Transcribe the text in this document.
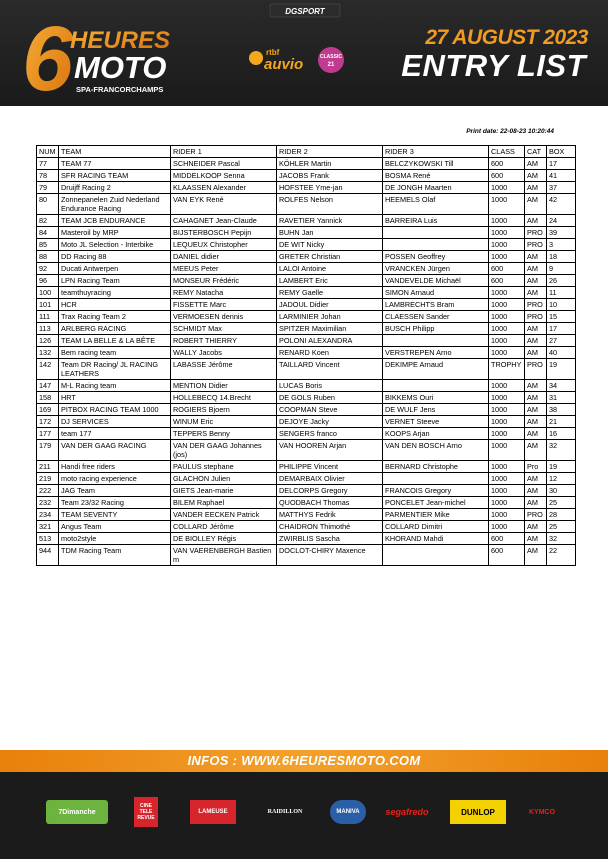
6
HEURES
MOTO
SPA-FRANCORCHAMPS
DGSPORT
rtbf
auvio	CLASSIC
21
27 AUGUST 2023
ENTRY LIST
Print date: 22-08-23 10:20:44
NUM	TEAM	RIDER 1	RIDER 2	RIDER 3	CLASS	CAT	BOX
77	TEAM 77	SCHNEIDER Pascal	KÖHLER Martin	BELCZYKOWSKI Till	600	AM	17
78	SFR RACING TEAM	MIDDELKOOP Senna	JACOBS Frank	BOSMA René	600	AM	41
79	Druijff Racing 2	KLAASSEN Alexander	HOFSTEE Yme-jan	DE JONGH Maarten	1000	AM	37
80	Zonnepanelen Zuid Nederland Endurance Racing	VAN EYK René	ROLFES Nelson	HEEMELS Olaf	1000	AM	42
82	TEAM JCB ENDURANCE	CAHAGNET Jean-Claude	RAVETIER Yannick	BARREIRA Luis	1000	AM	24
84	Masteroil by MRP	BIJSTERBOSCH Pepijn	BUHN Jan		1000	PRO	39
85	Moto JL Selection - Interbike	LEQUEUX Christopher	DE WIT Nicky		1000	PRO	3
88	DD Racing 88	DANIEL didier	GRETER Christian	POSSEN Geoffrey	1000	AM	18
92	Ducati Antwerpen	MEEUS Peter	LALOI Antoine	VRANCKEN Jürgen	600	AM	9
96	LPN Racing Team	MONSEUR Frédéric	LAMBERT Eric	VANDEVELDE Michaël	600	AM	26
100	teamthuyracing	REMY Natacha	REMY Gaelle	SIMON Arnaud	1000	AM	11
101	HCR	FISSETTE Marc	JADOUL Didier	LAMBRECHTS Bram	1000	PRO	10
111	Trax Racing Team 2	VERMOESEN dennis	LARMINIER Johan	CLAESSEN Sander	1000	PRO	15
113	ARLBERG RACING	SCHMIDT Max	SPITZER Maximilian	BUSCH Philipp	1000	AM	17
126	TEAM LA BELLE & LA BÊTE	ROBERT THIERRY	POLONI ALEXANDRA		1000	AM	27
132	Bem racing team	WALLY Jacobs	RENARD Koen	VERSTREPEN Arno	1000	AM	40
142	Team DR Racing/ JL RACING LEATHERS	LABASSE Jérôme	TAILLARD Vincent	DEKIMPE Arnaud	TROPHY	PRO	19
147	M-L Racing team	MENTION Didier	LUCAS Boris		1000	AM	34
158	HRT	HOLLEBECQ 14.Brecht	DE GOLS Ruben	BIKKEMS Ouri	1000	AM	31
169	PITBOX RACING TEAM 1000	ROGIERS Bjoern	COOPMAN Steve	DE WULF Jens	1000	AM	38
172	DJ SERVICES	WINUM Eric	DEJOYE Jacky	VERNET Steeve	1000	AM	21
177	team 177	TEPPERS Benny	SENGERS franco	KOOPS Arjan	1000	AM	16
179	VAN DER GAAG RACING	VAN DER GAAG Johannes (jos)	VAN HOOREN Arjan	VAN DEN BOSCH Arno	1000	AM	32
211	Handi free riders	PAULUS stephane	PHILIPPE Vincent	BERNARD Christophe	1000	Pro	19
219	moto racing experience	GLACHON Julien	DEMARBAIX Olivier		1000	AM	12
222	JAG Team	GIETS Jean-marie	DELCORPS Gregory	FRANCOIS Gregory	1000	AM	30
232	Team 23/32 Racing	BILEM Raphael	QUODBACH Thomas	PONCELET Jean-michel	1000	AM	25
234	TEAM SEVENTY	VANDER EECKEN Patrick	MATTHYS Fedrik	PARMENTIER Mike	1000	PRO	28
321	Angus Team	COLLARD Jérôme	CHAIDRON Thimothé	COLLARD Dimitri	1000	AM	25
513	moto2style	DE BIOLLEY Régis	ZWIRBLIS Sascha	KHORAND Mahdi	600	AM	32
944	TDM Racing Team	VAN VAERENBERGH Bastien m	DOCLOT-CHIRY Maxence		600	AM	22
INFOS : WWW.6HEURESMOTO.COM
7Dimanche
CINE TELE REVUE
LAMEUSE	RAIDILLON	MANIVA	segafredo	DUNLOP	KYMCO
